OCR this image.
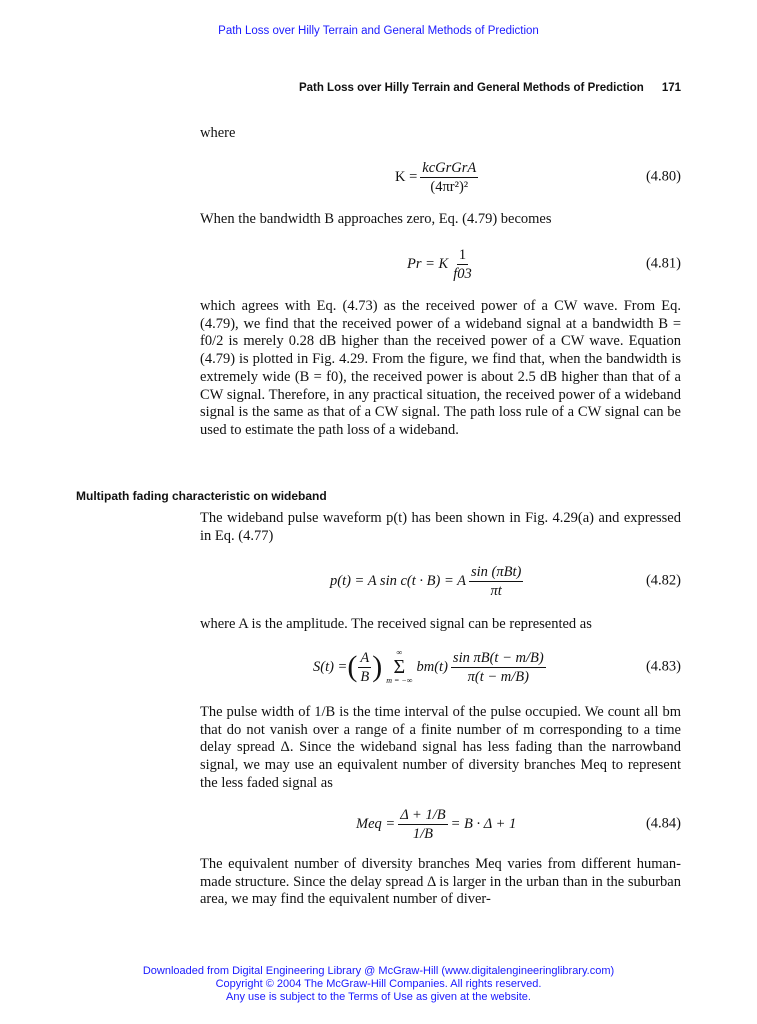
Path Loss over Hilly Terrain and General Methods of Prediction
Path Loss over Hilly Terrain and General Methods of Prediction 171

where

$K = \frac{\text{kcGrGrA}}{\text{(4πr²)²}}$	(4.80)

When the bandwidth B approaches zero, Eq. (4.79) becomes

Pr = K $\frac{1}{f03}$	(4.81)

which agrees with Eq. (4.73) as the received power of a CW wave. From Eq. (4.79), we find that the received power of a wideband signal at a bandwidth B = f0/2 is merely 0.28 dB higher than the received power of a CW wave. Equation (4.79) is plotted in Fig. 4.29. From the figure, we find that, when the bandwidth is extremely wide (B = f0), the received power is about 2.5 dB higher than that of a CW signal. Therefore, in any practical situation, the received power of a wideband signal is the same as that of a CW signal. The path loss rule of a CW signal can be used to estimate the path loss of a wideband.

Multipath fading characteristic on wideband

The wideband pulse waveform p(t) has been shown in Fig. 4.29(a) and expressed in Eq. (4.77)

p(t) = A sin c(t · B) = A $\frac{\text{sin (πBt)}}{\pi t}$	(4.82)

where A is the amplitude. The received signal can be represented as

S(t) = ( $\frac{A}{B}$ ) ∞
Σ
m = −∞
$bm(t) \frac{\text{sin πB(t − m/B)}}{\pi(t - m/B)}$	(4.83)

The pulse width of 1/B is the time interval of the pulse occupied. We count all bm that do not vanish over a range of a finite number of m corresponding to a time delay spread Δ. Since the wideband signal has less fading than the narrowband signal, we may use an equivalent number of diversity branches Meq to represent the less faded signal as

Meq = $\frac{\Delta + 1/B}{1/B} = B \cdot \Delta + 1$	(4.84)

The equivalent number of diversity branches Meq varies from different human-made structure. Since the delay spread Δ is larger in the urban than in the suburban area, we may find the equivalent number of diver-

Downloaded from Digital Engineering Library @ McGraw-Hill (www.digitalengineeringlibrary.com)
Copyright © 2004 The McGraw-Hill Companies. All rights reserved.
Any use is subject to the Terms of Use as given at the website.
